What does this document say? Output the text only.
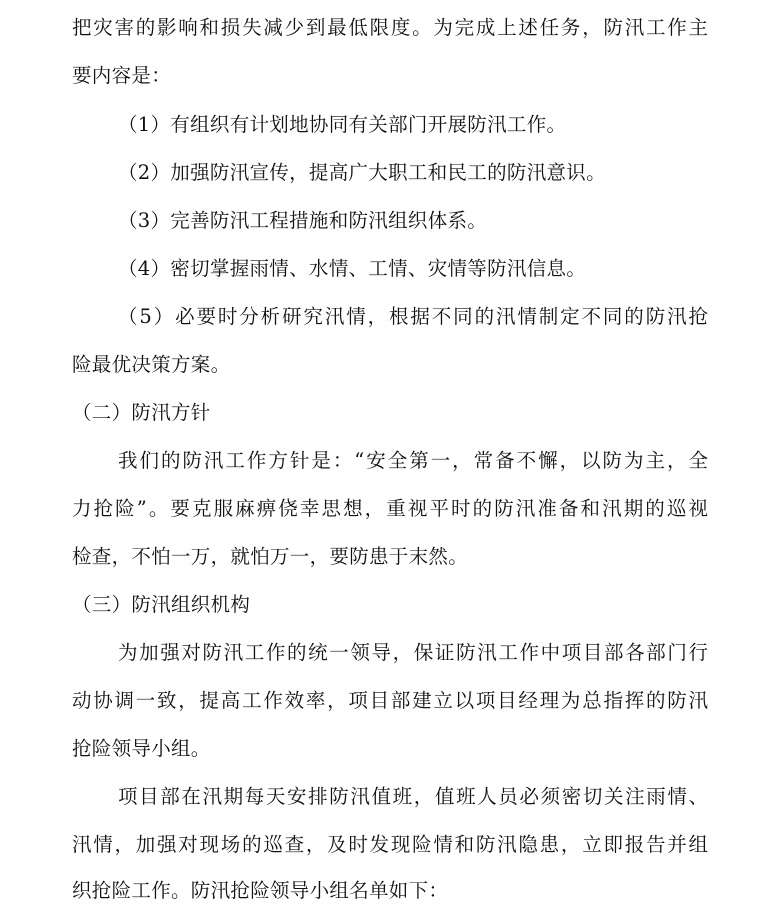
把灾害的影响和损失减少到最低限度。为完成上述任务，防汛工作主
要内容是：
（1）有组织有计划地协同有关部门开展防汛工作。
（2）加强防汛宣传，提高广大职工和民工的防汛意识。
（3）完善防汛工程措施和防汛组织体系。
（4）密切掌握雨情、水情、工情、灾情等防汛信息。
（5）必要时分析研究汛情，根据不同的汛情制定不同的防汛抢
险最优决策方案。
（二）防汛方针
我们的防汛工作方针是：“安全第一，常备不懈，以防为主，全
力抢险”。要克服麻痹侥幸思想，重视平时的防汛准备和汛期的巡视
检查，不怕一万，就怕万一，要防患于末然。
（三）防汛组织机构
为加强对防汛工作的统一领导，保证防汛工作中项目部各部门行
动协调一致，提高工作效率，项目部建立以项目经理为总指挥的防汛
抢险领导小组。
项目部在汛期每天安排防汛值班，值班人员必须密切关注雨情、
汛情，加强对现场的巡查，及时发现险情和防汛隐患，立即报告并组
织抢险工作。防汛抢险领导小组名单如下：
